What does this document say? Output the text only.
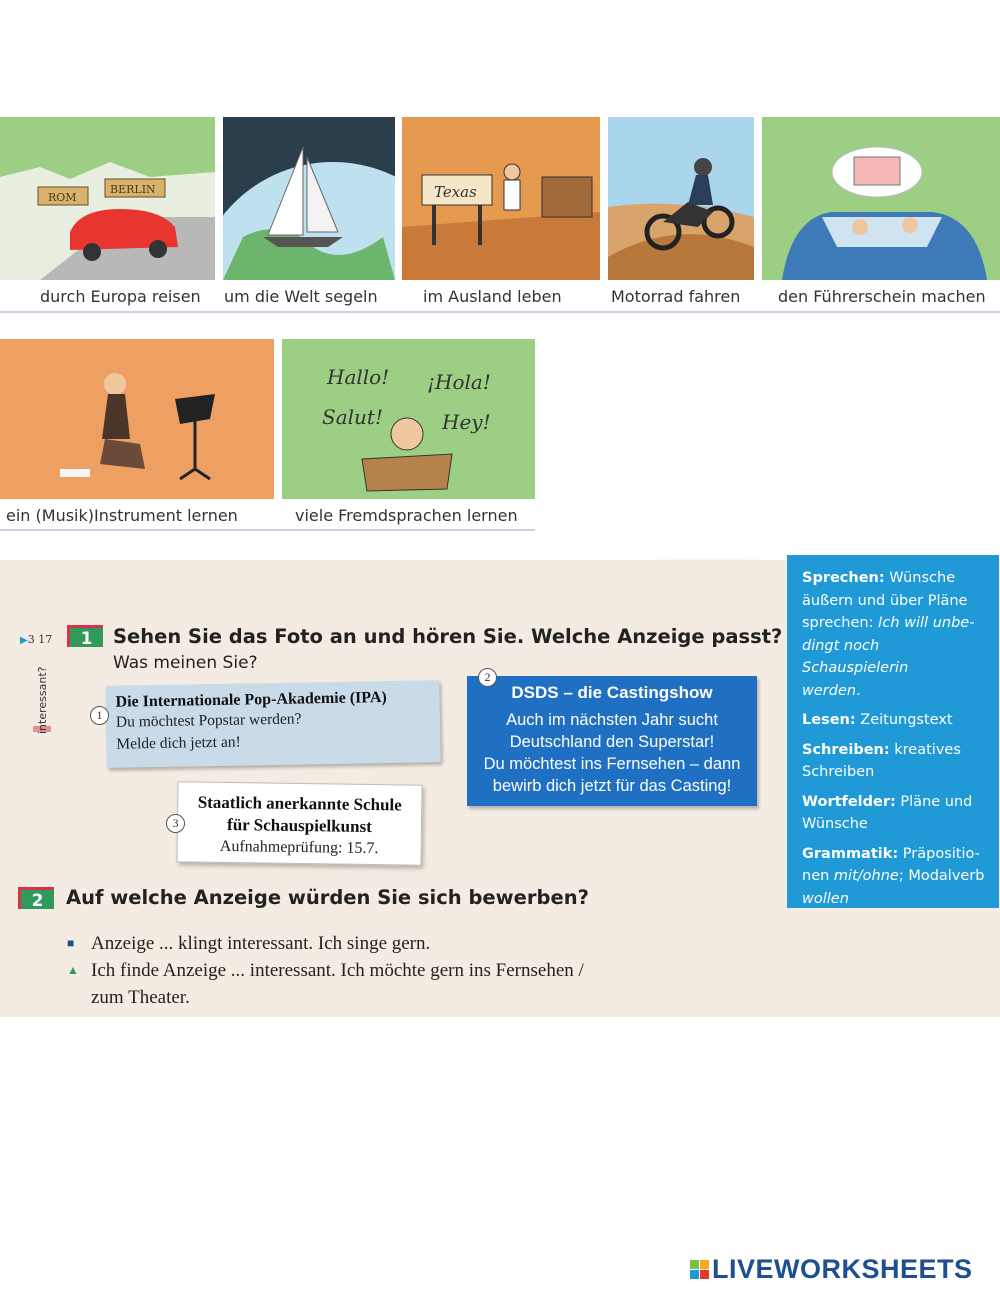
ROM
BERLIN	Texas
durch Europa reisen um die Welt segeln	im Ausland leben	Motorrad fahren den Führerschein machen
Hallo!
Salut!
¡Hola!
Hey!
ein (Musik)Instrument lernen	viele Fremdsprachen lernen

Sprechen: Wünsche
äußern und über Pläne
sprechen: Ich will unbe-
dingt noch Schauspielerin
werden.

Lesen: Zeitungstext

Schreiben: kreatives
Schreiben

Wortfelder: Pläne und
Wünsche

Grammatik: Präpositio-
nen mit/ohne; Modalverb
wollen

▶3 17
interessant?
1	Sehen Sie das Foto an und hören Sie. Welche Anzeige passt?
Was meinen Sie?
Die Internationale Pop-Akademie (IPA)
Du möchtest Popstar werden?
Melde dich jetzt an!
1
DSDS – die Castingshow
Auch im nächsten Jahr sucht
Deutschland den Superstar!
Du möchtest ins Fernsehen – dann
bewirb dich jetzt für das Casting!
2
Staatlich anerkannte Schule
für Schauspielkunst
Aufnahmeprüfung: 15.7.
3
2	Auf welche Anzeige würden Sie sich bewerben?
■ Anzeige ... klingt interessant. Ich singe gern.
▲ Ich finde Anzeige ... interessant. Ich möchte gern ins Fernsehen /
zum Theater.
LIVEWORKSHEETS
